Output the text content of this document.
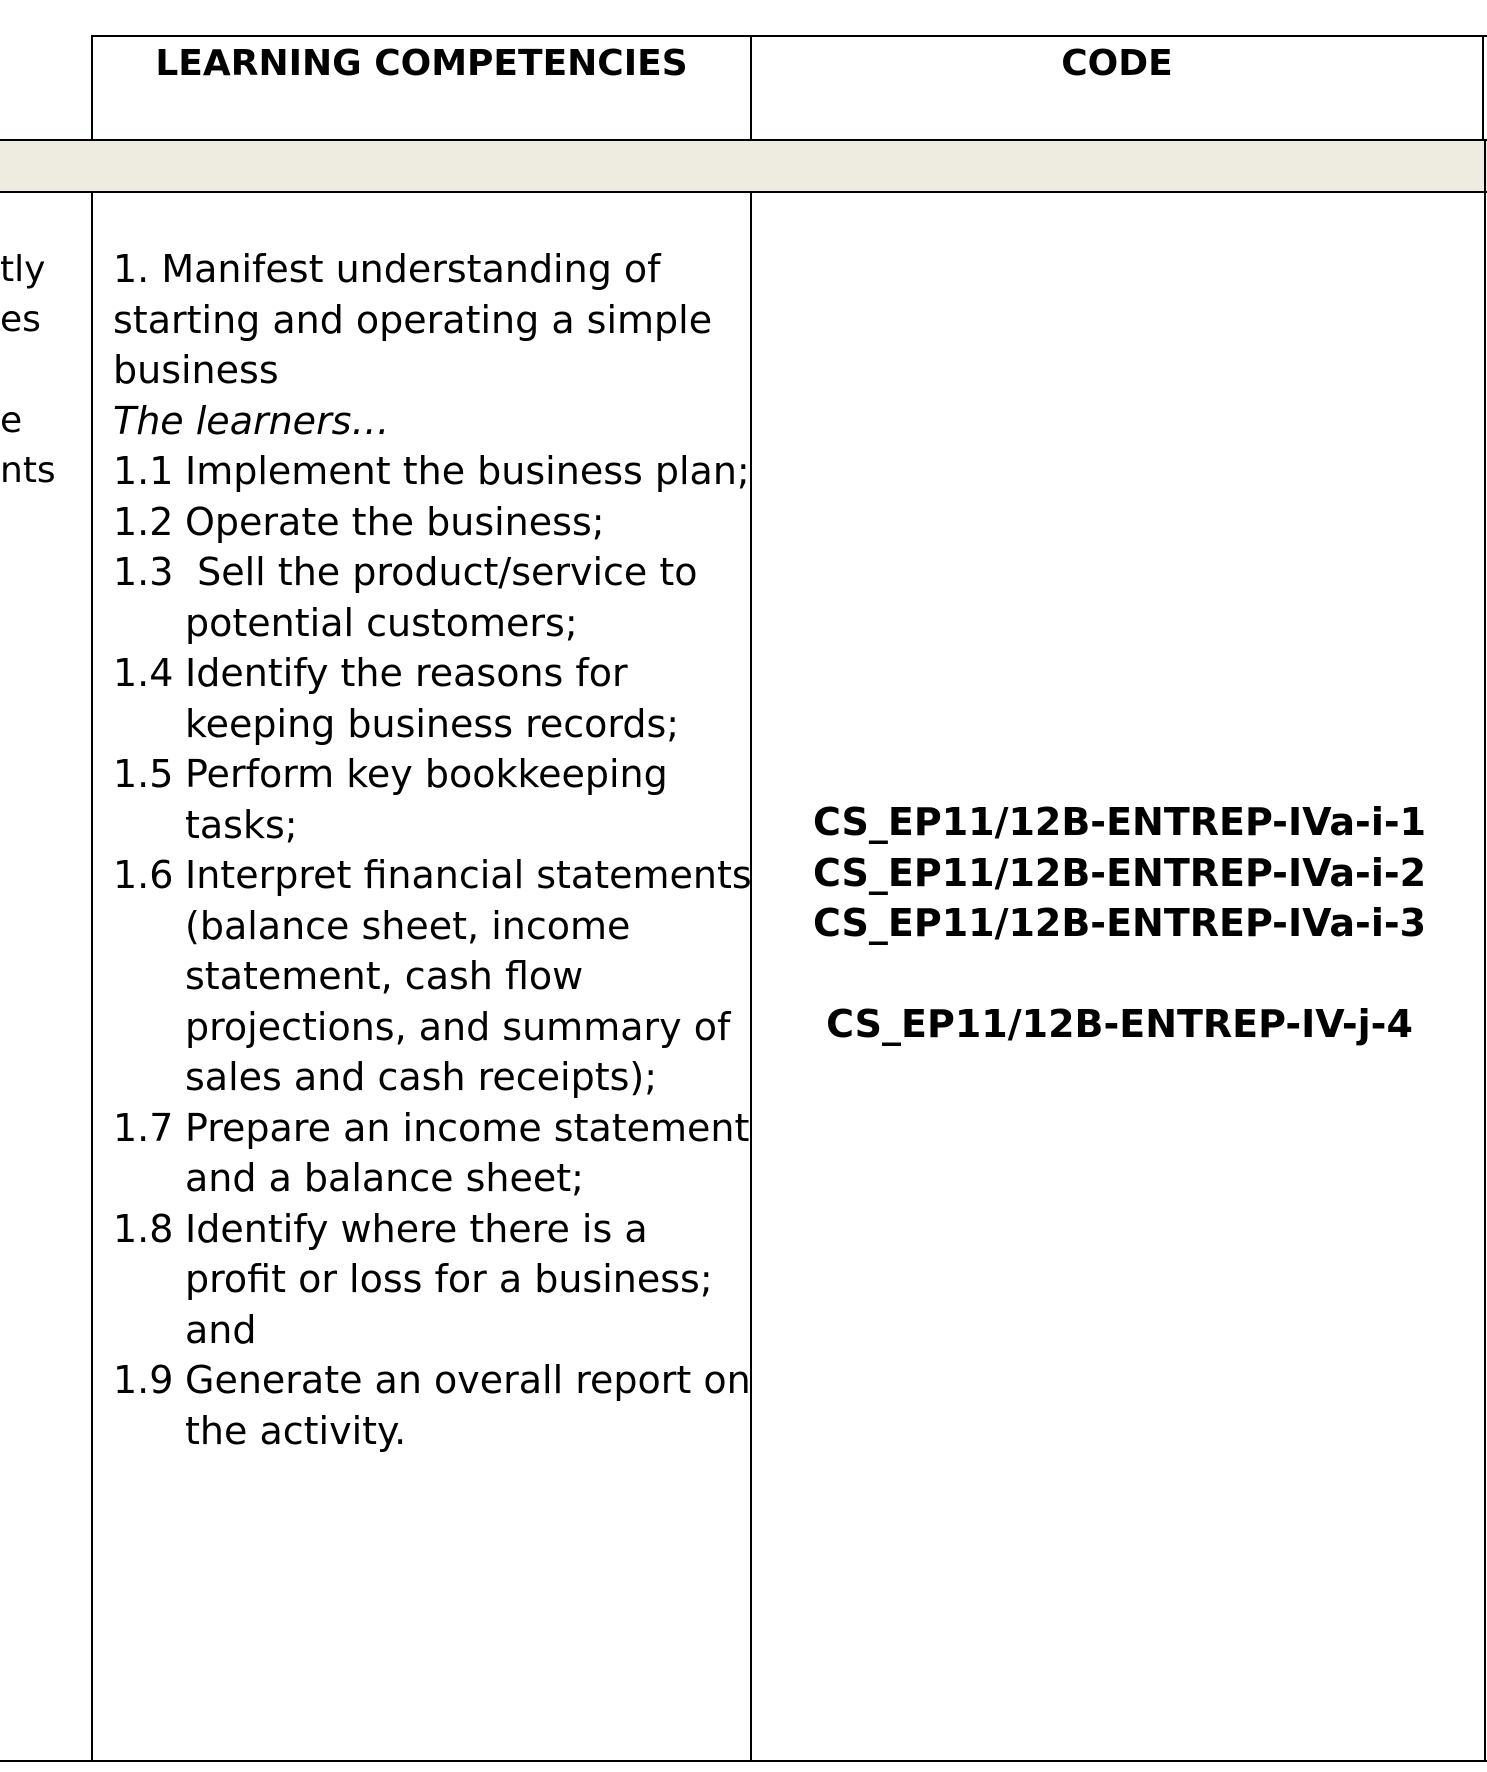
LEARNING COMPETENCIES	CODE
tly
es
e
nts

1. Manifest understanding of starting and operating a simple business

The learners…

1.1 Implement the business plan;
1.2 Operate the business;
1.3 Sell the product/service to potential customers;
1.4 Identify the reasons for keeping business records;
1.5 Perform key bookkeeping tasks;
1.6 Interpret financial statements (balance sheet, income statement, cash flow projections, and summary of sales and cash receipts);
1.7 Prepare an income statement and a balance sheet;
1.8 Identify where there is a profit or loss for a business; and
1.9 Generate an overall report on the activity.
CS_EP11/12B-ENTREP-IVa-i-1
CS_EP11/12B-ENTREP-IVa-i-2
CS_EP11/12B-ENTREP-IVa-i-3
CS_EP11/12B-ENTREP-IV-j-4
